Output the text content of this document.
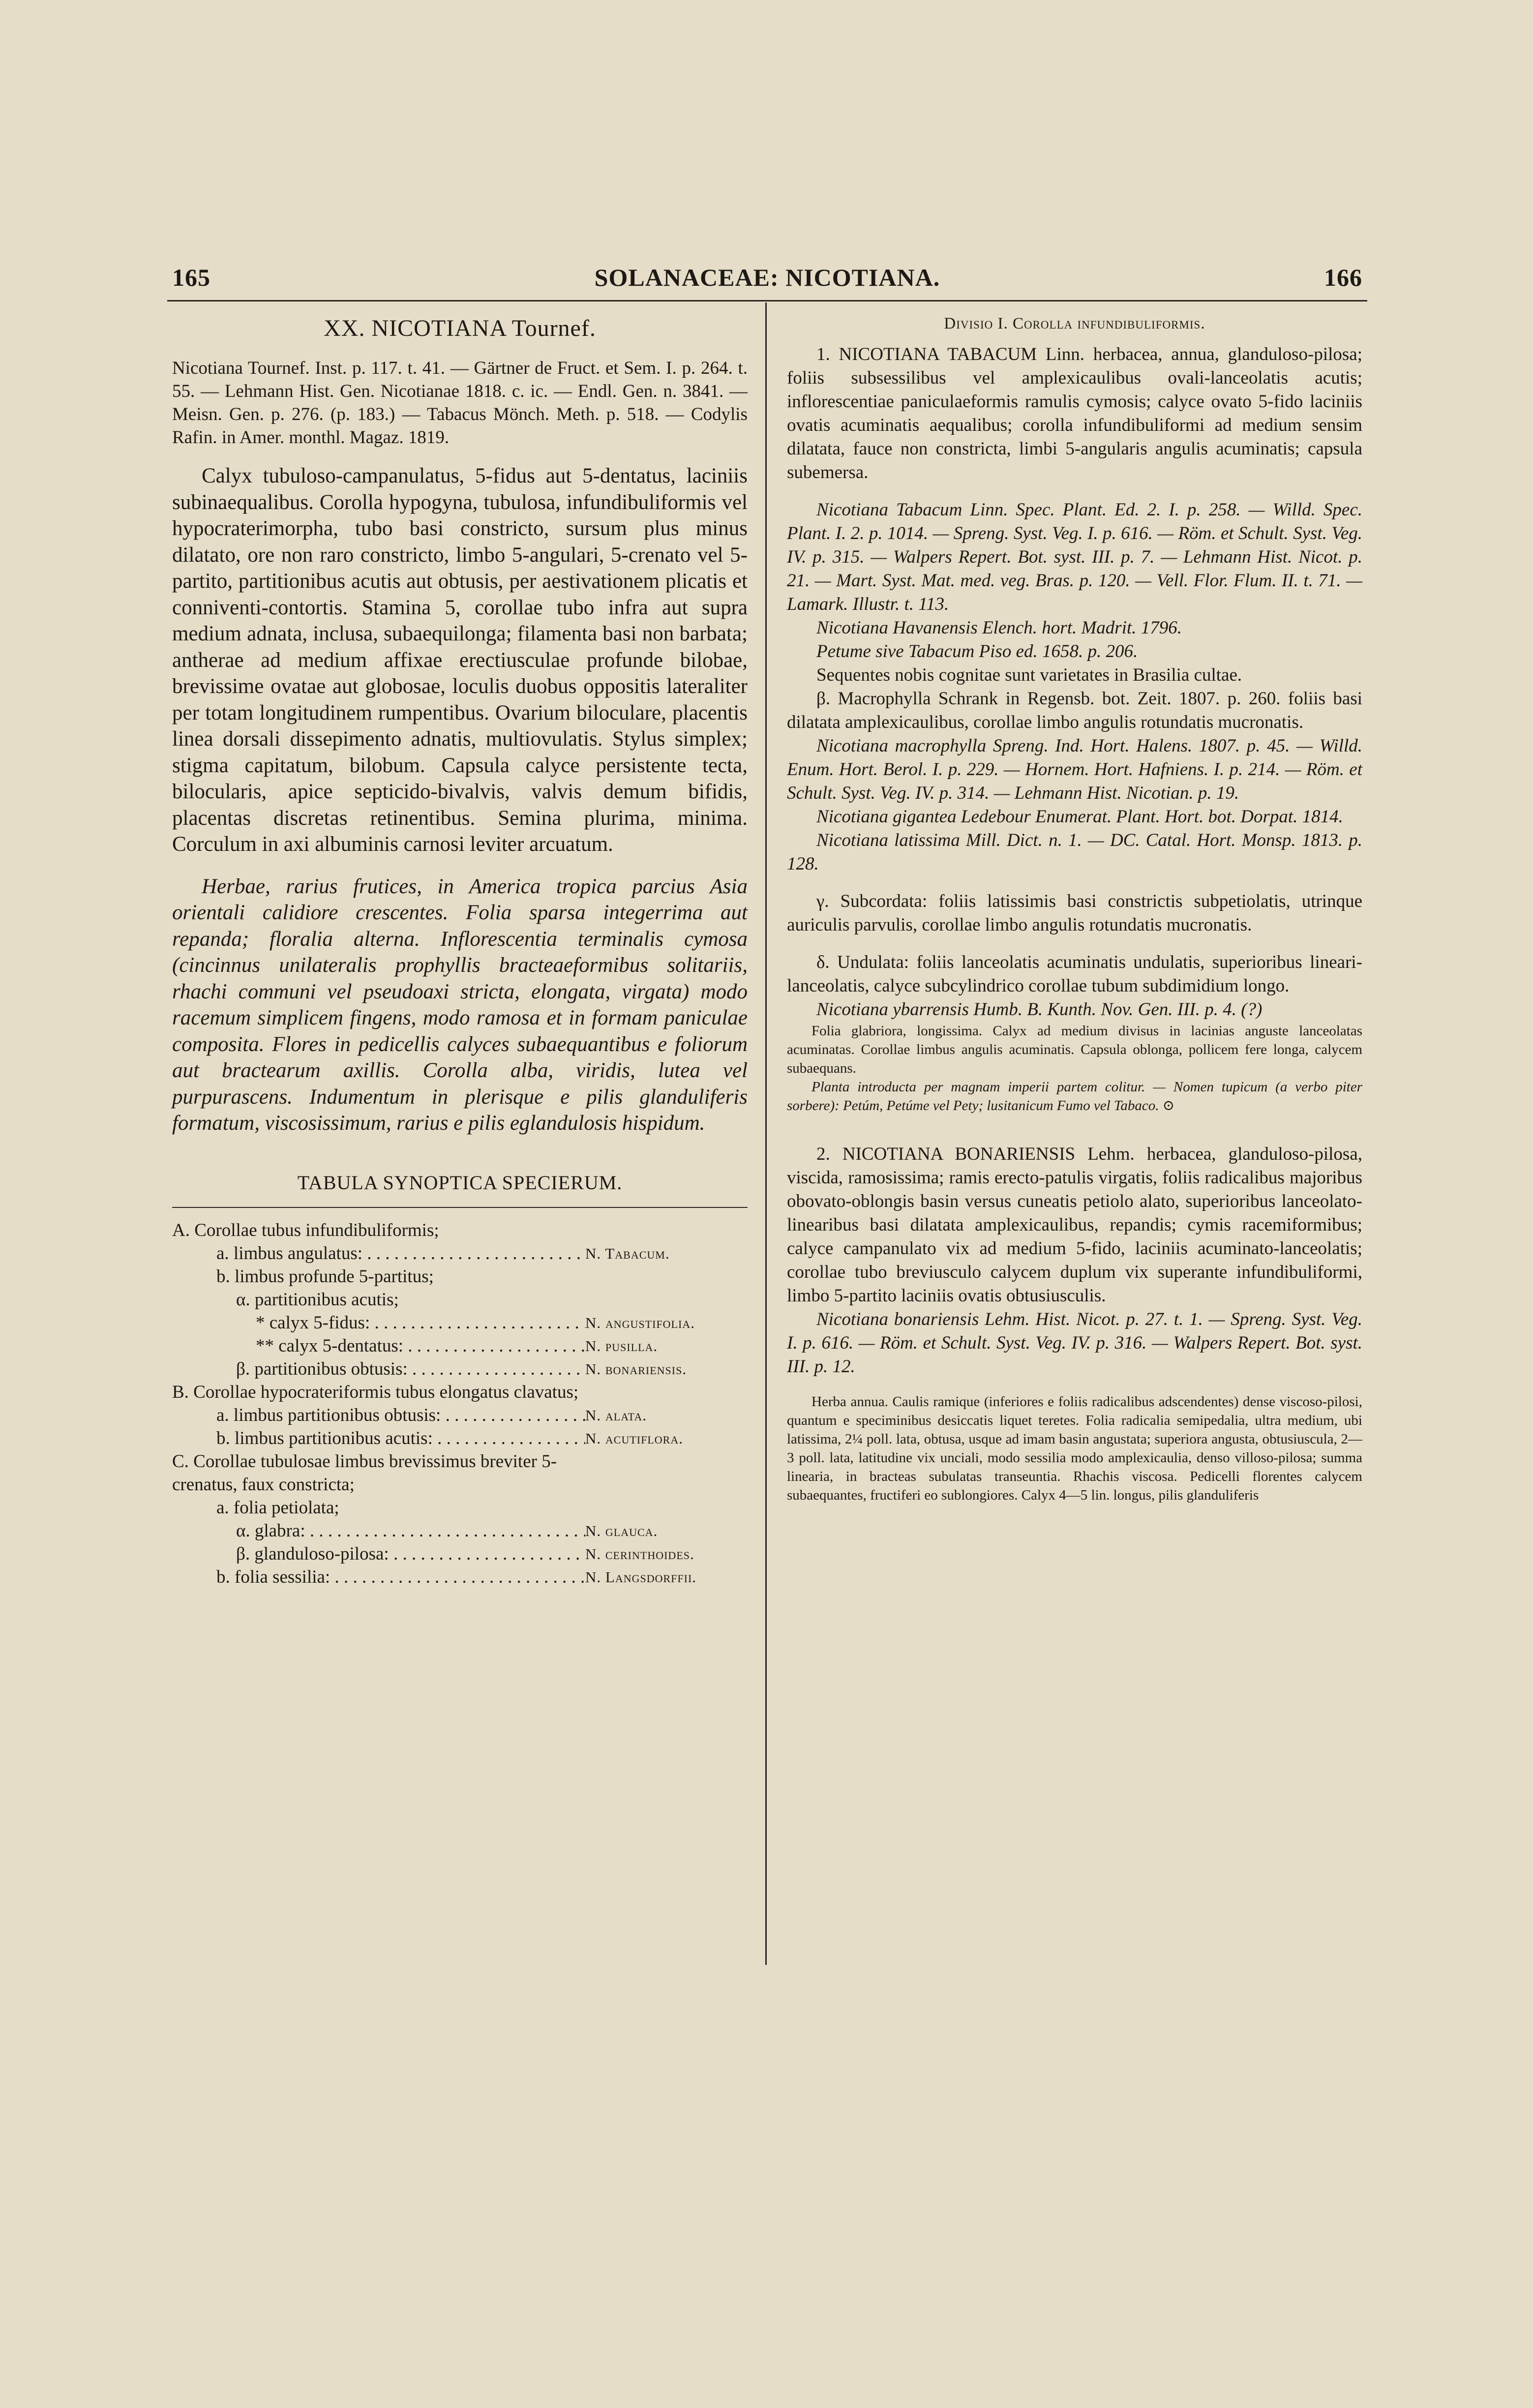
165	SOLANACEAE: NICOTIANA.	166
XX. NICOTIANA Tournef.

Nicotiana Tournef. Inst. p. 117. t. 41. — Gärtner de Fruct. et Sem. I. p. 264. t. 55. — Lehmann Hist. Gen. Nicotianae 1818. c. ic. — Endl. Gen. n. 3841. — Meisn. Gen. p. 276. (p. 183.) — Tabacus Mönch. Meth. p. 518. — Codylis Rafin. in Amer. monthl. Magaz. 1819.

Calyx tubuloso-campanulatus, 5-fidus aut 5-dentatus, laciniis subinaequalibus. Corolla hypogyna, tubulosa, infundibuliformis vel hypocraterimorpha, tubo basi constricto, sursum plus minus dilatato, ore non raro constricto, limbo 5-angulari, 5-crenato vel 5-partito, partitionibus acutis aut obtusis, per aestivationem plicatis et conniventi-contortis. Stamina 5, corollae tubo infra aut supra medium adnata, inclusa, subaequilonga; filamenta basi non barbata; antherae ad medium affixae erectiusculae profunde bilobae, brevissime ovatae aut globosae, loculis duobus oppositis lateraliter per totam longitudinem rumpentibus. Ovarium biloculare, placentis linea dorsali dissepimento adnatis, multiovulatis. Stylus simplex; stigma capitatum, bilobum. Capsula calyce persistente tecta, bilocularis, apice septicido-bivalvis, valvis demum bifidis, placentas discretas retinentibus. Semina plurima, minima. Corculum in axi albuminis carnosi leviter arcuatum.

Herbae, rarius frutices, in America tropica parcius Asia orientali calidiore crescentes. Folia sparsa integerrima aut repanda; floralia alterna. Inflorescentia terminalis cymosa (cincinnus unilateralis prophyllis bracteaeformibus solitariis, rhachi communi vel pseudoaxi stricta, elongata, virgata) modo racemum simplicem fingens, modo ramosa et in formam paniculae composita. Flores in pedicellis calyces subaequantibus e foliorum aut bractearum axillis. Corolla alba, viridis, lutea vel purpurascens. Indumentum in plerisque e pilis glanduliferis formatum, viscosissimum, rarius e pilis eglandulosis hispidum.

TABULA SYNOPTICA SPECIERUM.
A. Corollae tubus infundibuliformis;
a. limbus angulatus: . . .	N. Tabacum.
b. limbus profunde 5-partitus;
α. partitionibus acutis;
* calyx 5-fidus: . . .	N. angustifolia.
** calyx 5-dentatus: . . .	N. pusilla.
β. partitionibus obtusis: . . .	N. bonariensis.
B. Corollae hypocrateriformis tubus elongatus clavatus;
a. limbus partitionibus obtusis: . . .	N. alata.
b. limbus partitionibus acutis: . . .	N. acutiflora.
C. Corollae tubulosae limbus brevissimus breviter 5-crenatus, faux constricta;
a. folia petiolata;
α. glabra: . . .	N. glauca.
β. glanduloso-pilosa: . . .	N. cerinthoides.
b. folia sessilia: . . .	N. Langsdorffii.
Divisio I. Corolla infundibuliformis.

1. NICOTIANA TABACUM Linn. herbacea, annua, glanduloso-pilosa; foliis subsessilibus vel amplexicaulibus ovali-lanceolatis acutis; inflorescentiae paniculaeformis ramulis cymosis; calyce ovato 5-fido laciniis ovatis acuminatis aequalibus; corolla infundibuliformi ad medium sensim dilatata, fauce non constricta, limbi 5-angularis angulis acuminatis; capsula subemersa.

Nicotiana Tabacum Linn. Spec. Plant. Ed. 2. I. p. 258. — Willd. Spec. Plant. I. 2. p. 1014. — Spreng. Syst. Veg. I. p. 616. — Röm. et Schult. Syst. Veg. IV. p. 315. — Walpers Repert. Bot. syst. III. p. 7. — Lehmann Hist. Nicot. p. 21. — Mart. Syst. Mat. med. veg. Bras. p. 120. — Vell. Flor. Flum. II. t. 71. — Lamark. Illustr. t. 113.

Nicotiana Havanensis Elench. hort. Madrit. 1796.

Petume sive Tabacum Piso ed. 1658. p. 206.

Sequentes nobis cognitae sunt varietates in Brasilia cultae.

β. Macrophylla Schrank in Regensb. bot. Zeit. 1807. p. 260. foliis basi dilatata amplexicaulibus, corollae limbo angulis rotundatis mucronatis.

Nicotiana macrophylla Spreng. Ind. Hort. Halens. 1807. p. 45. — Willd. Enum. Hort. Berol. I. p. 229. — Hornem. Hort. Hafniens. I. p. 214. — Röm. et Schult. Syst. Veg. IV. p. 314. — Lehmann Hist. Nicotian. p. 19.

Nicotiana gigantea Ledebour Enumerat. Plant. Hort. bot. Dorpat. 1814.

Nicotiana latissima Mill. Dict. n. 1. — DC. Catal. Hort. Monsp. 1813. p. 128.

γ. Subcordata: foliis latissimis basi constrictis subpetiolatis, utrinque auriculis parvulis, corollae limbo angulis rotundatis mucronatis.

δ. Undulata: foliis lanceolatis acuminatis undulatis, superioribus lineari-lanceolatis, calyce subcylindrico corollae tubum subdimidium longo.

Nicotiana ybarrensis Humb. B. Kunth. Nov. Gen. III. p. 4. (?)

Folia glabriora, longissima. Calyx ad medium divisus in lacinias anguste lanceolatas acuminatas. Corollae limbus angulis acuminatis. Capsula oblonga, pollicem fere longa, calycem subaequans.

Planta introducta per magnam imperii partem colitur. — Nomen tupicum (a verbo piter sorbere): Petúm, Petúme vel Pety; lusitanicum Fumo vel Tabaco. ⊙

2. NICOTIANA BONARIENSIS Lehm. herbacea, glanduloso-pilosa, viscida, ramosissima; ramis erecto-patulis virgatis, foliis radicalibus majoribus obovato-oblongis basin versus cuneatis petiolo alato, superioribus lanceolato-linearibus basi dilatata amplexicaulibus, repandis; cymis racemiformibus; calyce campanulato vix ad medium 5-fido, laciniis acuminato-lanceolatis; corollae tubo breviusculo calycem duplum vix superante infundibuliformi, limbo 5-partito laciniis ovatis obtusiusculis.

Nicotiana bonariensis Lehm. Hist. Nicot. p. 27. t. 1. — Spreng. Syst. Veg. I. p. 616. — Röm. et Schult. Syst. Veg. IV. p. 316. — Walpers Repert. Bot. syst. III. p. 12.

Herba annua. Caulis ramique (inferiores e foliis radicalibus adscendentes) dense viscoso-pilosi, quantum e speciminibus desiccatis liquet teretes. Folia radicalia semipedalia, ultra medium, ubi latissima, 2¼ poll. lata, obtusa, usque ad imam basin angustata; superiora angusta, obtusiuscula, 2—3 poll. lata, latitudine vix unciali, modo sessilia modo amplexicaulia, denso villoso-pilosa; summa linearia, in bracteas subulatas transeuntia. Rhachis viscosa. Pedicelli florentes calycem subaequantes, fructiferi eo sublongiores. Calyx 4—5 lin. longus, pilis glanduliferis
